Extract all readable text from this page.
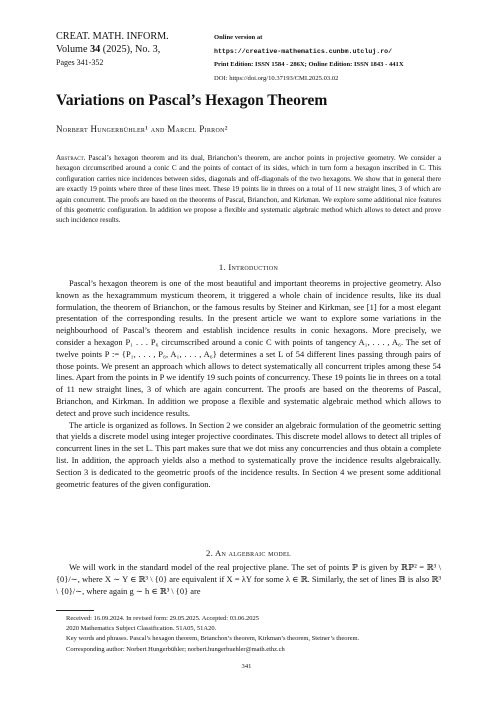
CREAT. MATH. INFORM.
Volume 34 (2025), No. 3,
Pages 341-352
Online version at
https://creative-mathematics.cunbm.utcluj.ro/
Print Edition: ISSN 1584 - 286X; Online Edition: ISSN 1843 - 441X
DOI: https://doi.org/10.37193/CMI.2025.03.02
Variations on Pascal’s Hexagon Theorem
Norbert Hungerbühler¹ and Marcel Pirron²
Abstract. Pascal’s hexagon theorem and its dual, Brianchon’s theorem, are anchor points in projective geometry. We consider a hexagon circumscribed around a conic C and the points of contact of its sides, which in turn form a hexagon inscribed in C. This configuration carries nice incidences between sides, diagonals and off-diagonals of the two hexagons. We show that in general there are exactly 19 points where three of these lines meet. These 19 points lie in threes on a total of 11 new straight lines, 3 of which are again concurrent. The proofs are based on the theorems of Pascal, Brianchon, and Kirkman. We explore some additional nice features of this geometric configuration. In addition we propose a flexible and systematic algebraic method which allows to detect and prove such incidence results.
1. Introduction

Pascal’s hexagon theorem is one of the most beautiful and important theorems in projective geometry. Also known as the hexagrammum mysticum theorem, it triggered a whole chain of incidence results, like its dual formulation, the theorem of Brianchon, or the famous results by Steiner and Kirkman, see [1] for a most elegant presentation of the corresponding results. In the present article we want to explore some variations in the neighbourhood of Pascal’s theorem and establish incidence results in conic hexagons. More precisely, we consider a hexagon P₁ . . . P₆ circumscribed around a conic C with points of tangency A₁, . . . , A₆. The set of twelve points P := {P₁, . . . , P₆, A₁, . . . , A₆} determines a set L of 54 different lines passing through pairs of those points. We present an approach which allows to detect systematically all concurrent triples among these 54 lines. Apart from the points in P we identify 19 such points of concurrency. These 19 points lie in threes on a total of 11 new straight lines, 3 of which are again concurrent. The proofs are based on the theorems of Pascal, Brianchon, and Kirkman. In addition we propose a flexible and systematic algebraic method which allows to detect and prove such incidence results.

The article is organized as follows. In Section 2 we consider an algebraic formulation of the geometric setting that yields a discrete model using integer projective coordinates. This discrete model allows to detect all triples of concurrent lines in the set L. This part makes sure that we dot miss any concurrencies and thus obtain a complete list. In addition, the approach yields also a method to systematically prove the incidence results algebraically. Section 3 is dedicated to the geometric proofs of the incidence results. In Section 4 we present some additional geometric features of the given configuration.

2. An algebraic model

We will work in the standard model of the real projective plane. The set of points ℙ is given by ℝℙ² = ℝ³ \ {0}/∼, where X ∼ Y ∈ ℝ³ \ {0} are equivalent if X = λY for some λ ∈ ℝ. Similarly, the set of lines 𝔹 is also ℝ³ \ {0}/∼, where again g ∼ h ∈ ℝ³ \ {0} are

Received: 16.09.2024. In revised form: 29.05.2025. Accepted: 03.06.2025
2020 Mathematics Subject Classification. 51A05, 51A20.
Key words and phrases. Pascal’s hexagon theorem, Brianchon’s theorem, Kirkman’s theorem, Steiner’s theorem.
Corresponding author: Norbert Hungerbühler; norbert.hungerbuehler@math.ethz.ch
341
